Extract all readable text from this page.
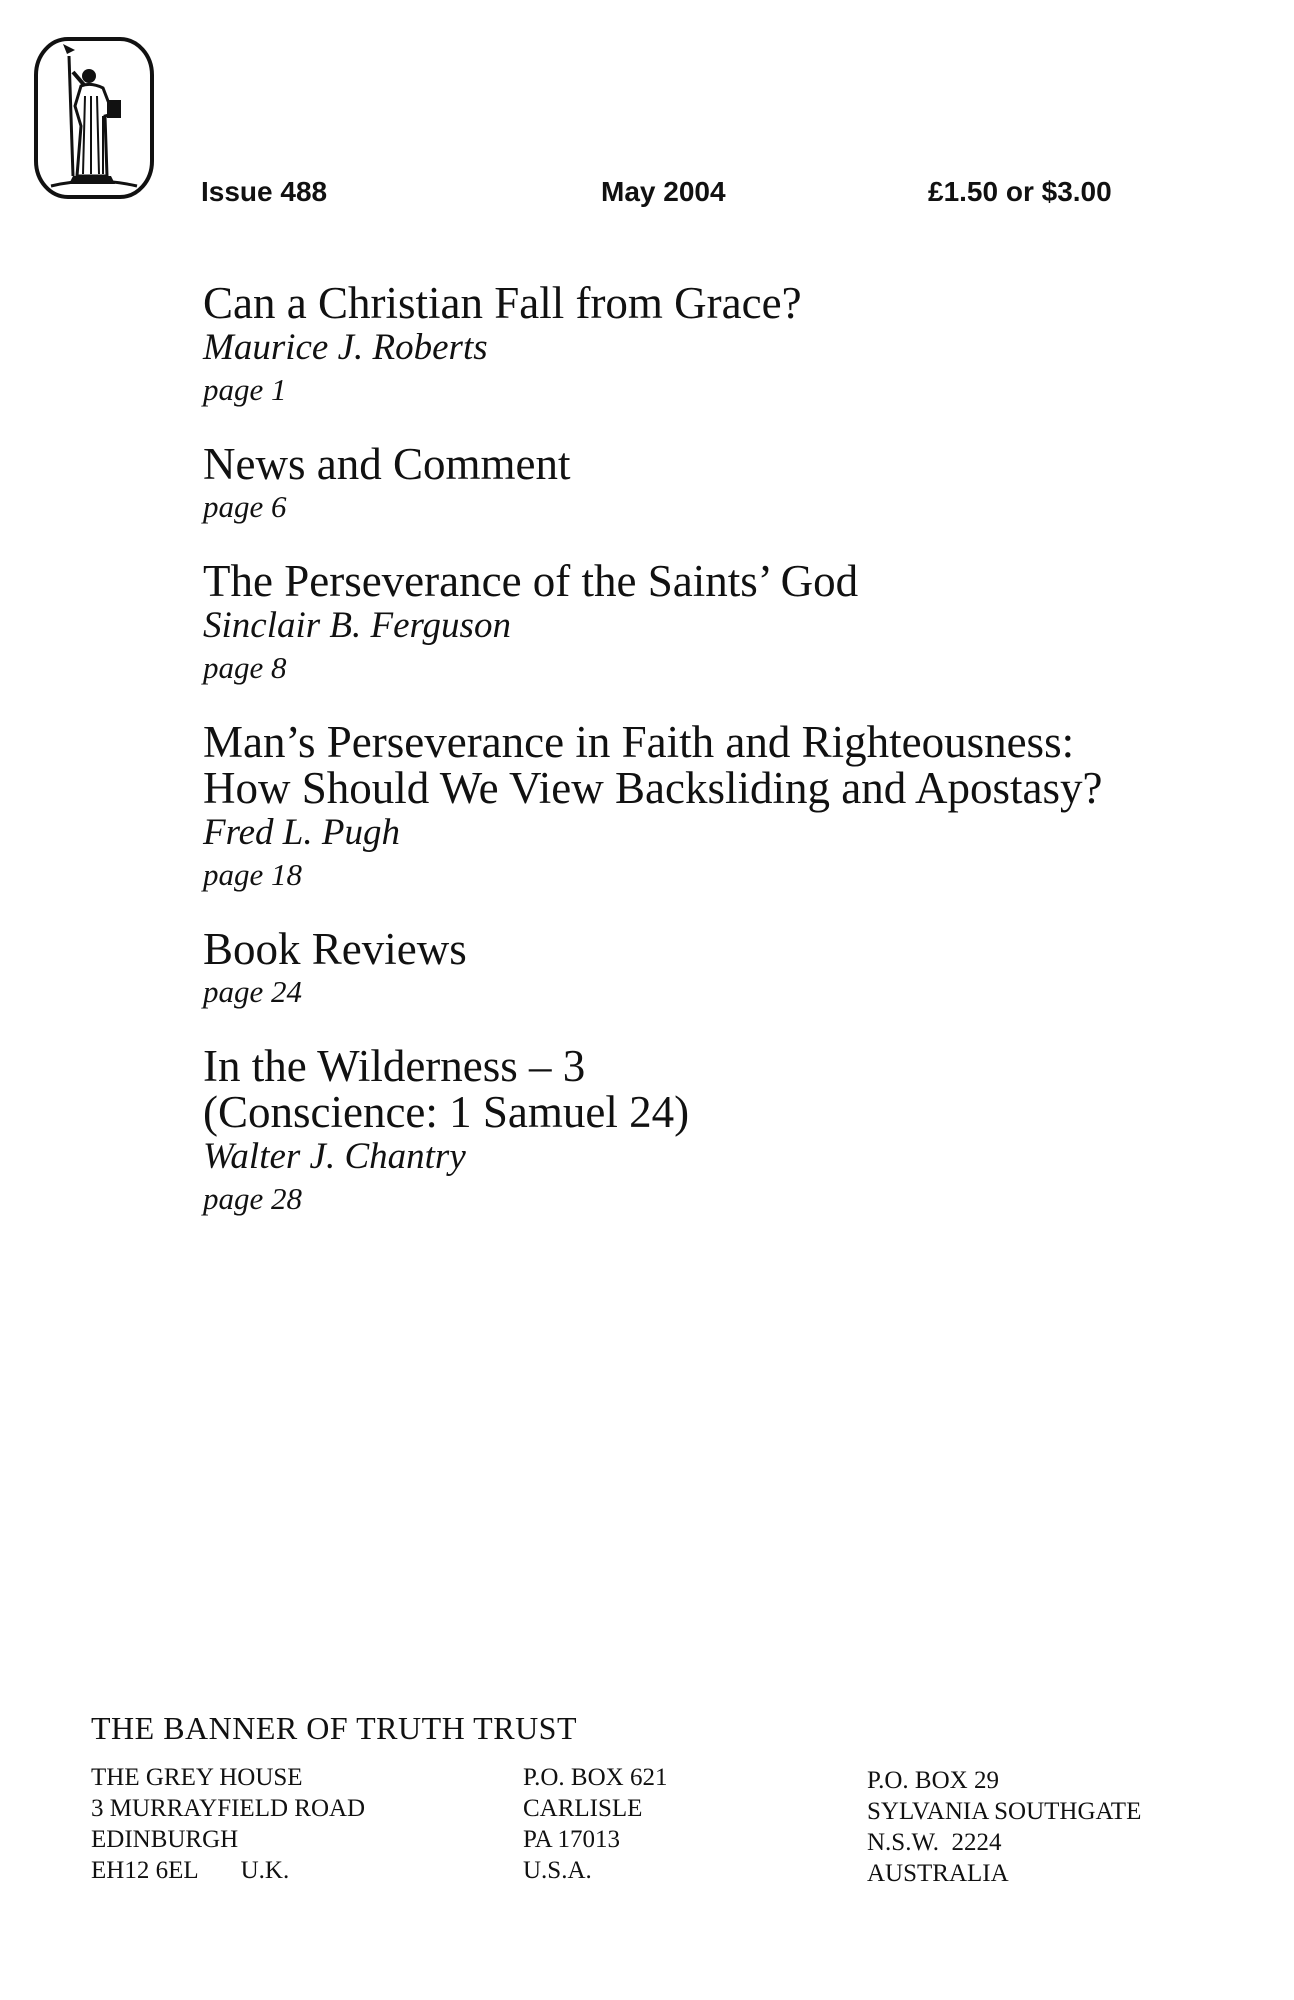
Issue 488	May 2004	£1.50 or $3.00
Can a Christian Fall from Grace?
Maurice J. Roberts
page 1
News and Comment
page 6
The Perseverance of the Saints’ God
Sinclair B. Ferguson
page 8
Man’s Perseverance in Faith and Righteousness:
How Should We View Backsliding and Apostasy?
Fred L. Pugh
page 18
Book Reviews
page 24
In the Wilderness – 3
(Conscience: 1 Samuel 24)
Walter J. Chantry
page 28
THE BANNER OF TRUTH TRUST
THE GREY HOUSE
3 MURRAYFIELD ROAD
EDINBURGH
EH12 6EL U.K.
P.O. BOX 621
CARLISLE
PA 17013
U.S.A.
P.O. BOX 29
SYLVANIA SOUTHGATE
N.S.W.  2224
AUSTRALIA
